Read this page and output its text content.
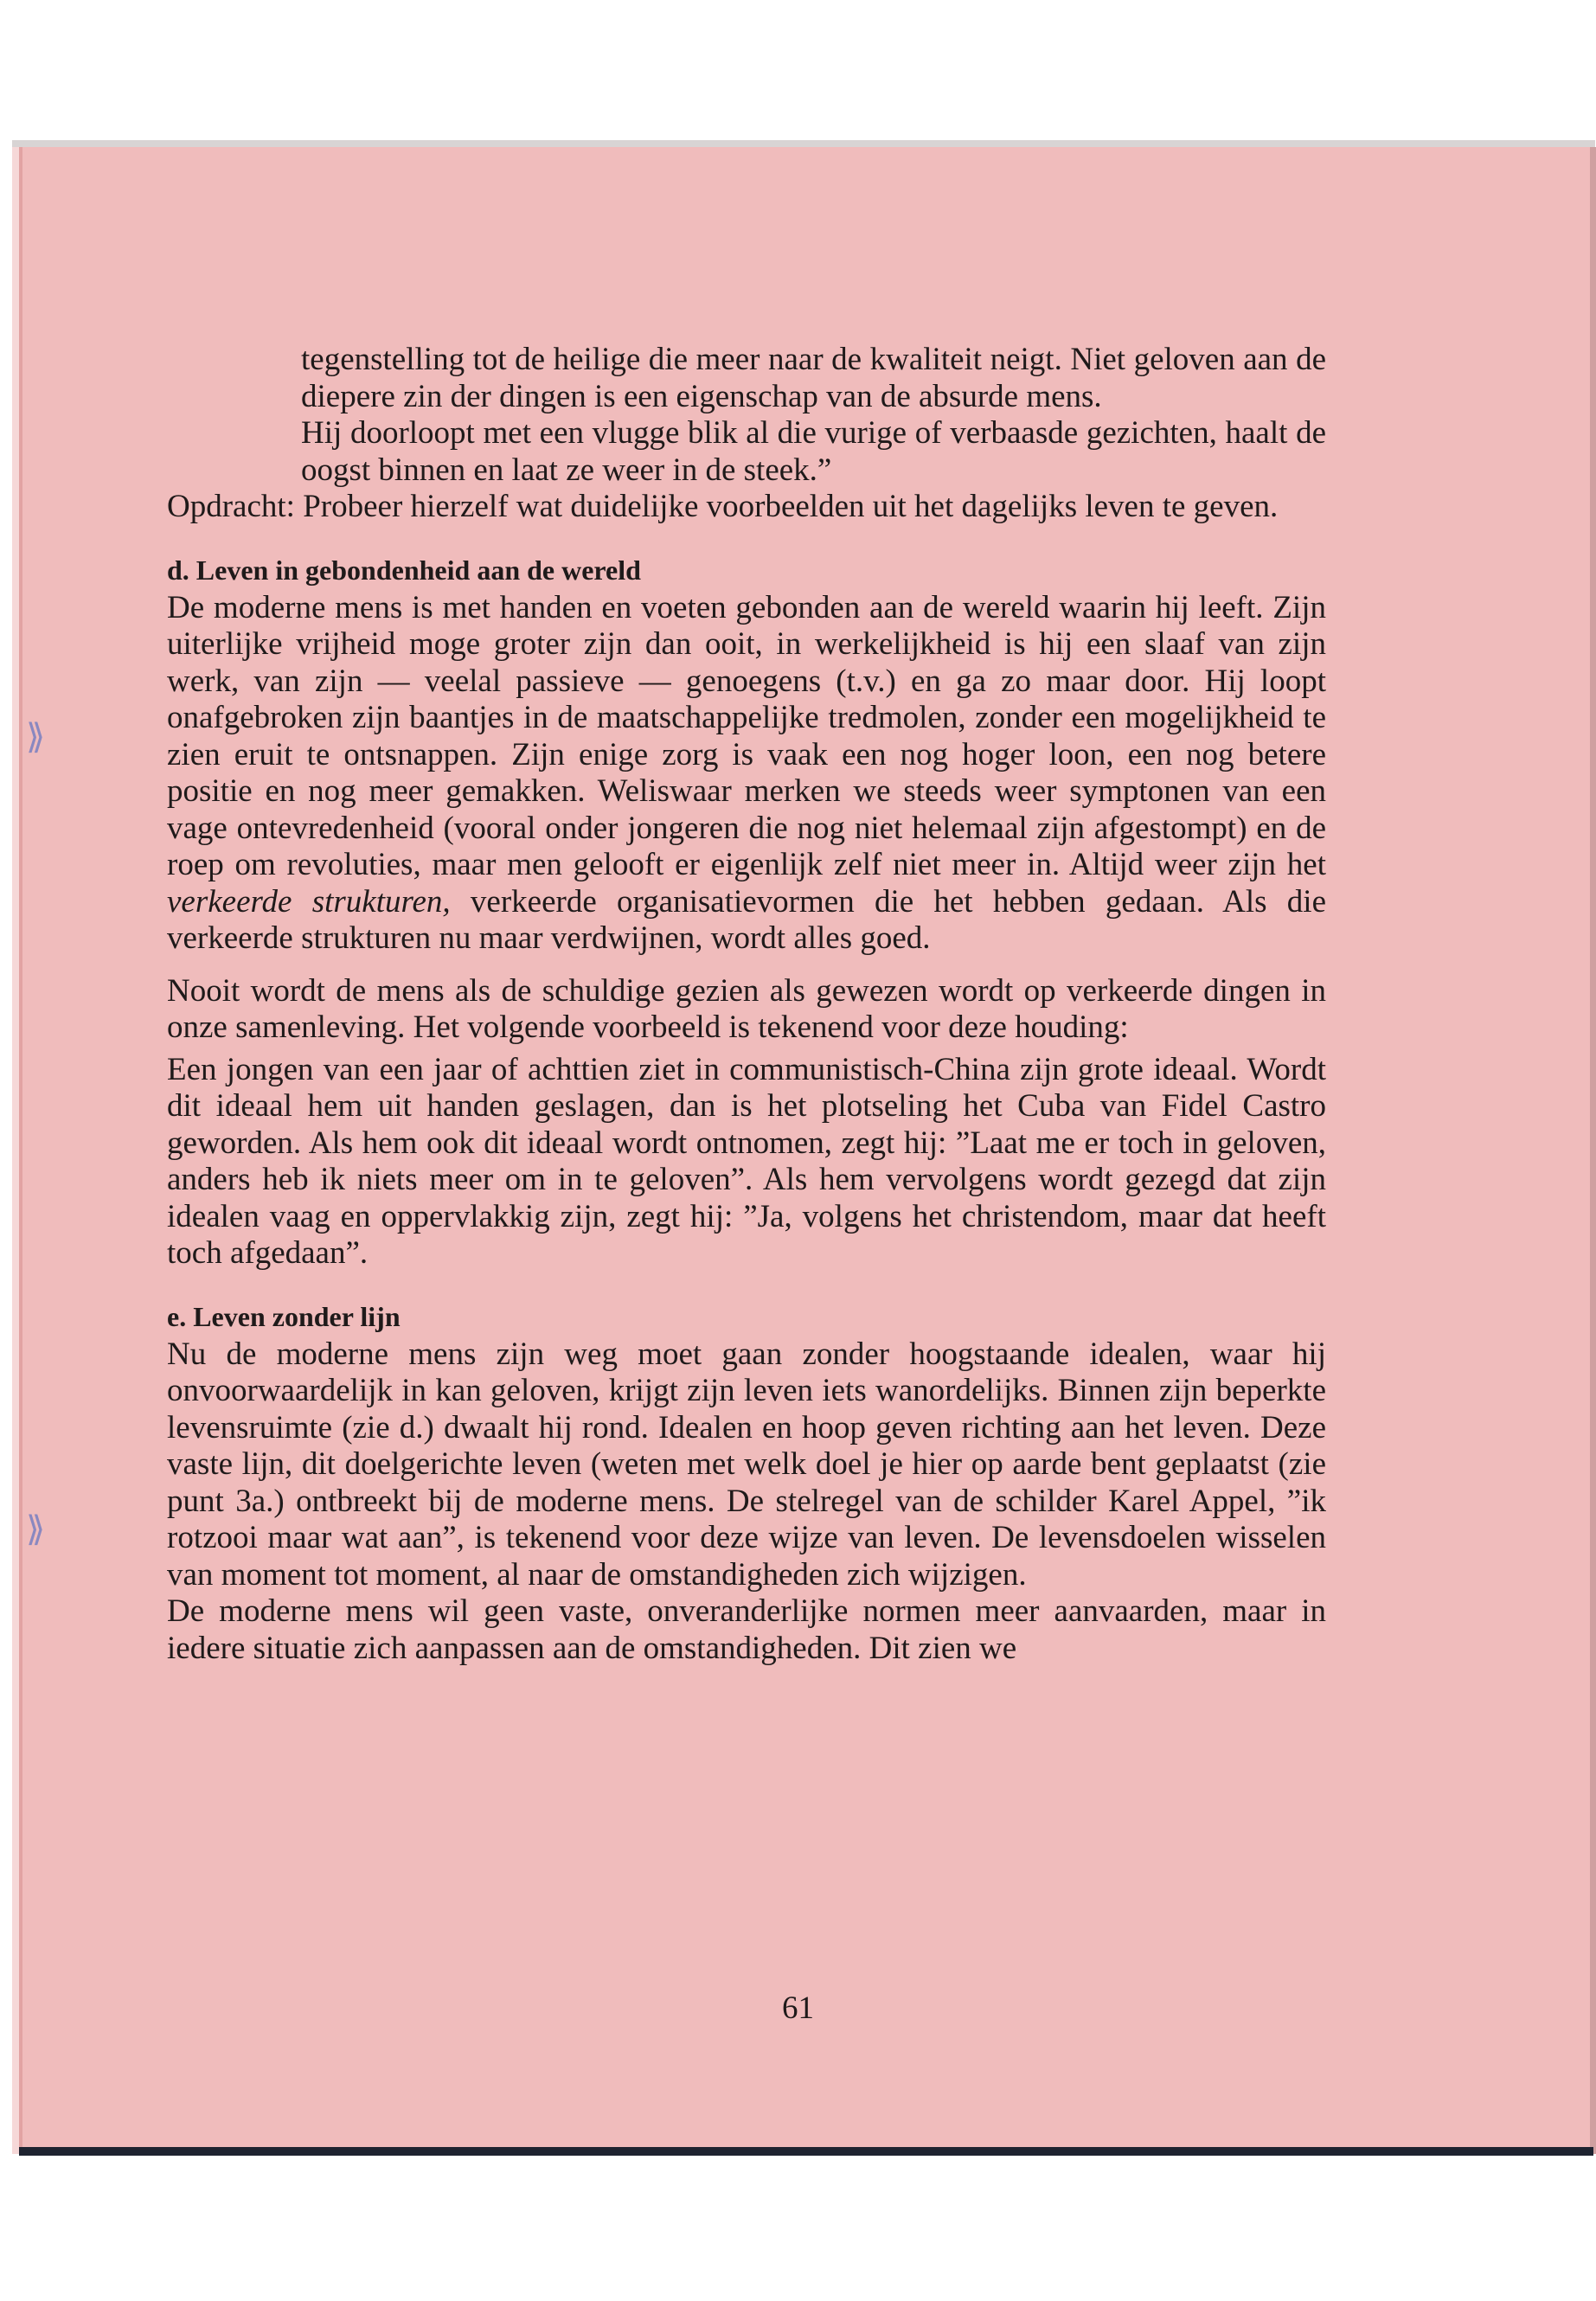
⟫
⟫

tegenstelling tot de heilige die meer naar de kwaliteit neigt. Niet geloven aan de diepere zin der dingen is een eigenschap van de absurde mens.

Hij doorloopt met een vlugge blik al die vurige of verbaasde gezichten, haalt de oogst binnen en laat ze weer in de steek.”

Opdracht: Probeer hierzelf wat duidelijke voorbeelden uit het dagelijks leven te geven.
d. Leven in gebondenheid aan de wereld

De moderne mens is met handen en voeten gebonden aan de wereld waarin hij leeft. Zijn uiterlijke vrijheid moge groter zijn dan ooit, in werkelijkheid is hij een slaaf van zijn werk, van zijn — veelal passieve — genoegens (t.v.) en ga zo maar door. Hij loopt onafgebroken zijn baantjes in de maatschappelijke tredmolen, zonder een mogelijkheid te zien eruit te ontsnappen. Zijn enige zorg is vaak een nog hoger loon, een nog betere positie en nog meer gemakken. Weliswaar merken we steeds weer symptonen van een vage ontevredenheid (vooral onder jongeren die nog niet helemaal zijn afgestompt) en de roep om revoluties, maar men gelooft er eigenlijk zelf niet meer in. Altijd weer zijn het verkeerde strukturen, verkeerde organisatievormen die het hebben gedaan. Als die verkeerde strukturen nu maar verdwijnen, wordt alles goed.

Nooit wordt de mens als de schuldige gezien als gewezen wordt op verkeerde dingen in onze samenleving. Het volgende voorbeeld is tekenend voor deze houding:

Een jongen van een jaar of achttien ziet in communistisch-China zijn grote ideaal. Wordt dit ideaal hem uit handen geslagen, dan is het plotseling het Cuba van Fidel Castro geworden. Als hem ook dit ideaal wordt ontnomen, zegt hij: ”Laat me er toch in geloven, anders heb ik niets meer om in te geloven”. Als hem vervolgens wordt gezegd dat zijn idealen vaag en oppervlakkig zijn, zegt hij: ”Ja, volgens het christendom, maar dat heeft toch afgedaan”.

e. Leven zonder lijn

Nu de moderne mens zijn weg moet gaan zonder hoogstaande idealen, waar hij onvoorwaardelijk in kan geloven, krijgt zijn leven iets wanordelijks. Binnen zijn beperkte levensruimte (zie d.) dwaalt hij rond. Idealen en hoop geven richting aan het leven. Deze vaste lijn, dit doelgerichte leven (weten met welk doel je hier op aarde bent geplaatst (zie punt 3a.) ontbreekt bij de moderne mens. De stelregel van de schilder Karel Appel, ”ik rotzooi maar wat aan”, is tekenend voor deze wijze van leven. De levensdoelen wisselen van moment tot moment, al naar de omstandigheden zich wijzigen.

De moderne mens wil geen vaste, onveranderlijke normen meer aanvaarden, maar in iedere situatie zich aanpassen aan de omstandigheden. Dit zien we

61
